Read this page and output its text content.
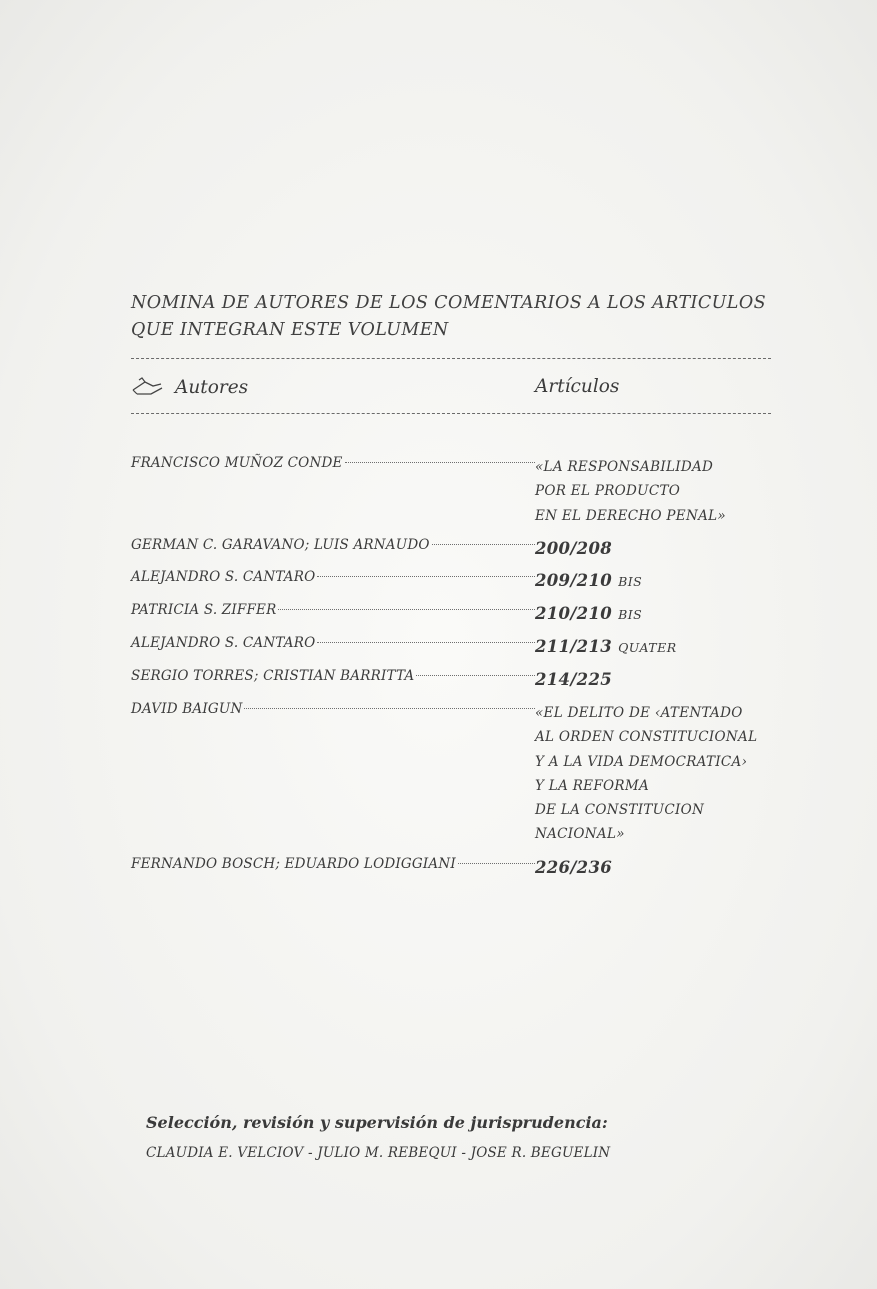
NOMINA DE AUTORES DE LOS COMENTARIOS A LOS ARTICULOS
QUE INTEGRAN ESTE VOLUMEN
Autores	Artículos
FRANCISCO MUÑOZ CONDE	«LA RESPONSABILIDAD
POR EL PRODUCTO
EN EL DERECHO PENAL»
GERMAN C. GARAVANO; LUIS ARNAUDO	200/208
ALEJANDRO S. CANTARO	209/210 BIS
PATRICIA S. ZIFFER	210/210 BIS
ALEJANDRO S. CANTARO	211/213 QUATER
SERGIO TORRES; CRISTIAN BARRITTA	214/225
DAVID BAIGUN	«EL DELITO DE ‹ATENTADO
AL ORDEN CONSTITUCIONAL
Y A LA VIDA DEMOCRATICA›
Y LA REFORMA
DE LA CONSTITUCION
NACIONAL»
FERNANDO BOSCH; EDUARDO LODIGGIANI	226/236
Selección, revisión y supervisión de jurisprudencia:
CLAUDIA E. VELCIOV - JULIO M. REBEQUI - JOSE R. BEGUELIN
